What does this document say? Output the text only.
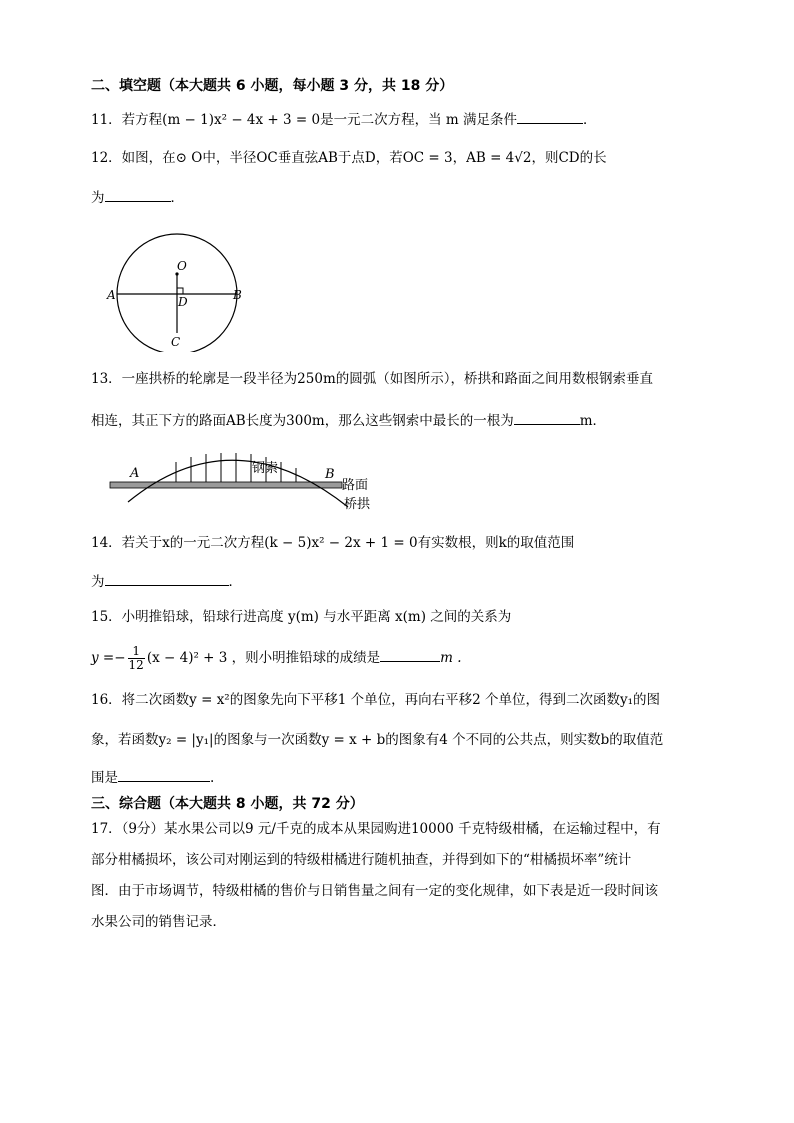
二、填空题（本大题共 6 小题，每小题 3 分，共 18 分）
11．若方程(m − 1)x² − 4x + 3 = 0是一元二次方程，当 m 满足条件	．
12．如图，在⊙ O中，半径OC垂直弦AB于点D，若OC = 3，AB = 4√2，则CD的长
为	．
O
A	B
D
C
13．一座拱桥的轮廓是一段半径为250m的圆弧（如图所示），桥拱和路面之间用数根钢索垂直
相连，其正下方的路面AB长度为300m，那么这些钢索中最长的一根为	m．
A	B
钢索
路面
桥拱
14．若关于x的一元二次方程(k − 5)x² − 2x + 1 = 0有实数根，则k的取值范围
为	．
15．小明推铅球，铅球行进高度 y(m) 与水平距离 x(m) 之间的关系为
$y =- \frac{1}{12} (x - 4)^2 + 3$ ，则小明推铅球的成绩是	m .
16．将二次函数y = x²的图象先向下平移1 个单位，再向右平移2 个单位，得到二次函数y₁的图
象，若函数y₂ = |y₁|的图象与一次函数y = x + b的图象有4 个不同的公共点，则实数b的取值范
围是	.
三、综合题（本大题共 8 小题，共 72 分）
17．（9分）某水果公司以9 元/千克的成本从果园购进10000 千克特级柑橘，在运输过程中，有
部分柑橘损坏，该公司对刚运到的特级柑橘进行随机抽查，并得到如下的“柑橘损坏率”统计
图．由于市场调节，特级柑橘的售价与日销售量之间有一定的变化规律，如下表是近一段时间该
水果公司的销售记录．
